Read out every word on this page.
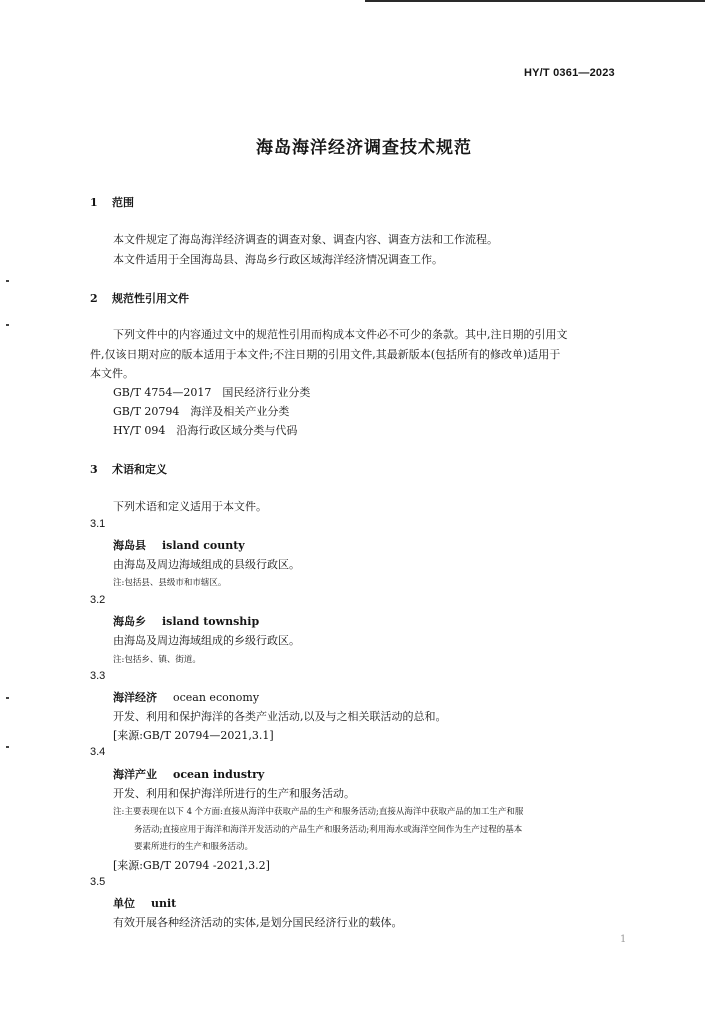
HY/T 0361—2023
海岛海洋经济调查技术规范
1 范围
本文件规定了海岛海洋经济调查的调查对象、调查内容、调查方法和工作流程。
本文件适用于全国海岛县、海岛乡行政区域海洋经济情况调查工作。
2 规范性引用文件
下列文件中的内容通过文中的规范性引用而构成本文件必不可少的条款。其中,注日期的引用文
件,仅该日期对应的版本适用于本文件;不注日期的引用文件,其最新版本(包括所有的修改单)适用于
本文件。
GB/T 4754—2017　国民经济行业分类
GB/T 20794　海洋及相关产业分类
HY/T 094　沿海行政区域分类与代码
3 术语和定义
下列术语和定义适用于本文件。
3.1
海岛县 island county
由海岛及周边海域组成的县级行政区。
注:包括县、县级市和市辖区。
3.2
海岛乡 island township
由海岛及周边海域组成的乡级行政区。
注:包括乡、镇、街道。
3.3
海洋经济 ocean economy
开发、利用和保护海洋的各类产业活动,以及与之相关联活动的总和。
[来源:GB/T 20794—2021,3.1]
3.4
海洋产业 ocean industry
开发、利用和保护海洋所进行的生产和服务活动。
注:主要表现在以下 4 个方面:直接从海洋中获取产品的生产和服务活动;直接从海洋中获取产品的加工生产和服
务活动;直接应用于海洋和海洋开发活动的产品生产和服务活动;利用海水或海洋空间作为生产过程的基本
要素所进行的生产和服务活动。
[来源:GB/T 20794 -2021,3.2]
3.5
单位 unit
有效开展各种经济活动的实体,是划分国民经济行业的载体。
1
